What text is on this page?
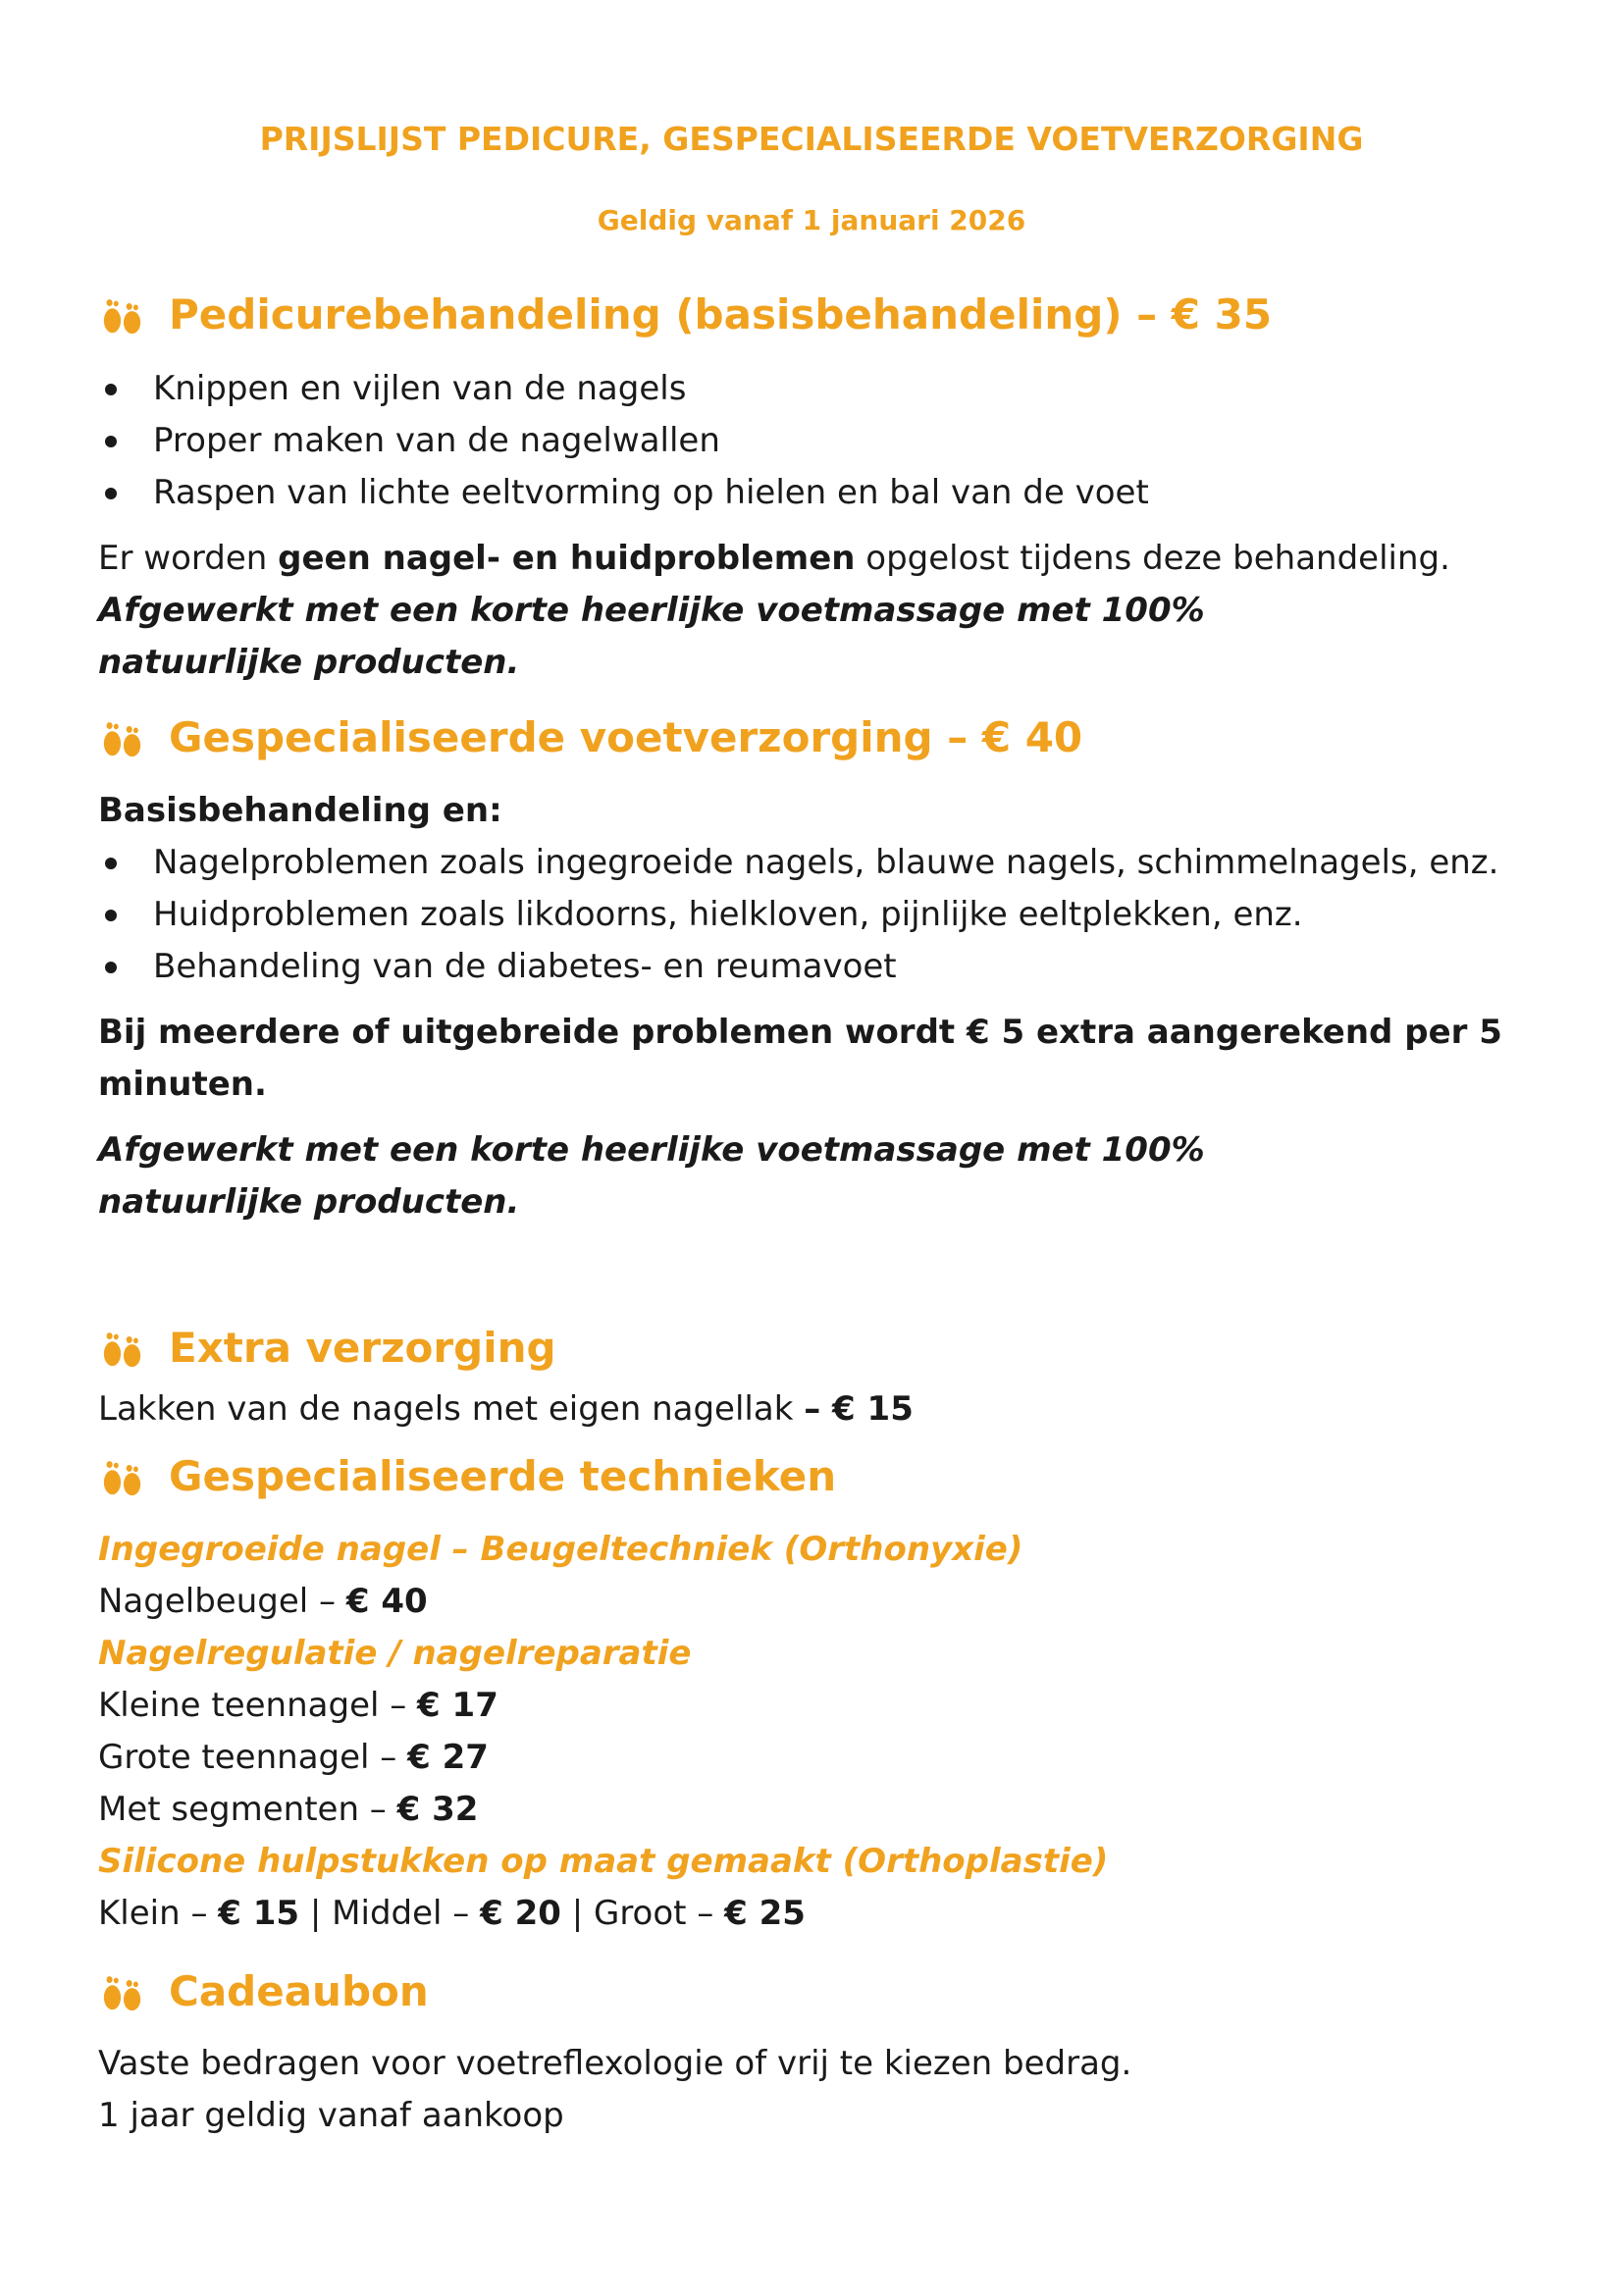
PRIJSLIJST PEDICURE, GESPECIALISEERDE VOETVERZORGING
Geldig vanaf 1 januari 2026
Pedicurebehandeling (basisbehandeling) – € 35
Knippen en vijlen van de nagels
Proper maken van de nagelwallen
Raspen van lichte eeltvorming op hielen en bal van de voet

Er worden geen nagel- en huidproblemen opgelost tijdens deze behandeling.

Afgewerkt met een korte heerlijke voetmassage met 100% natuurlijke producten.

Gespecialiseerde voetverzorging – € 40

Basisbehandeling en:

Nagelproblemen zoals ingegroeide nagels, blauwe nagels, schimmelnagels, enz.
Huidproblemen zoals likdoorns, hielkloven, pijnlijke eeltplekken, enz.
Behandeling van de diabetes- en reumavoet

Bij meerdere of uitgebreide problemen wordt € 5 extra aangerekend per 5 minuten.

Afgewerkt met een korte heerlijke voetmassage met 100% natuurlijke producten.

Extra verzorging

Lakken van de nagels met eigen nagellak – € 15

Gespecialiseerde technieken

Ingegroeide nagel – Beugeltechniek (Orthonyxie)

Nagelbeugel – € 40

Nagelregulatie / nagelreparatie

Kleine teennagel – € 17

Grote teennagel – € 27

Met segmenten – € 32

Silicone hulpstukken op maat gemaakt (Orthoplastie)

Klein – € 15 | Middel – € 20 | Groot – € 25

Cadeaubon

Vaste bedragen voor voetreflexologie of vrij te kiezen bedrag.

1 jaar geldig vanaf aankoop
